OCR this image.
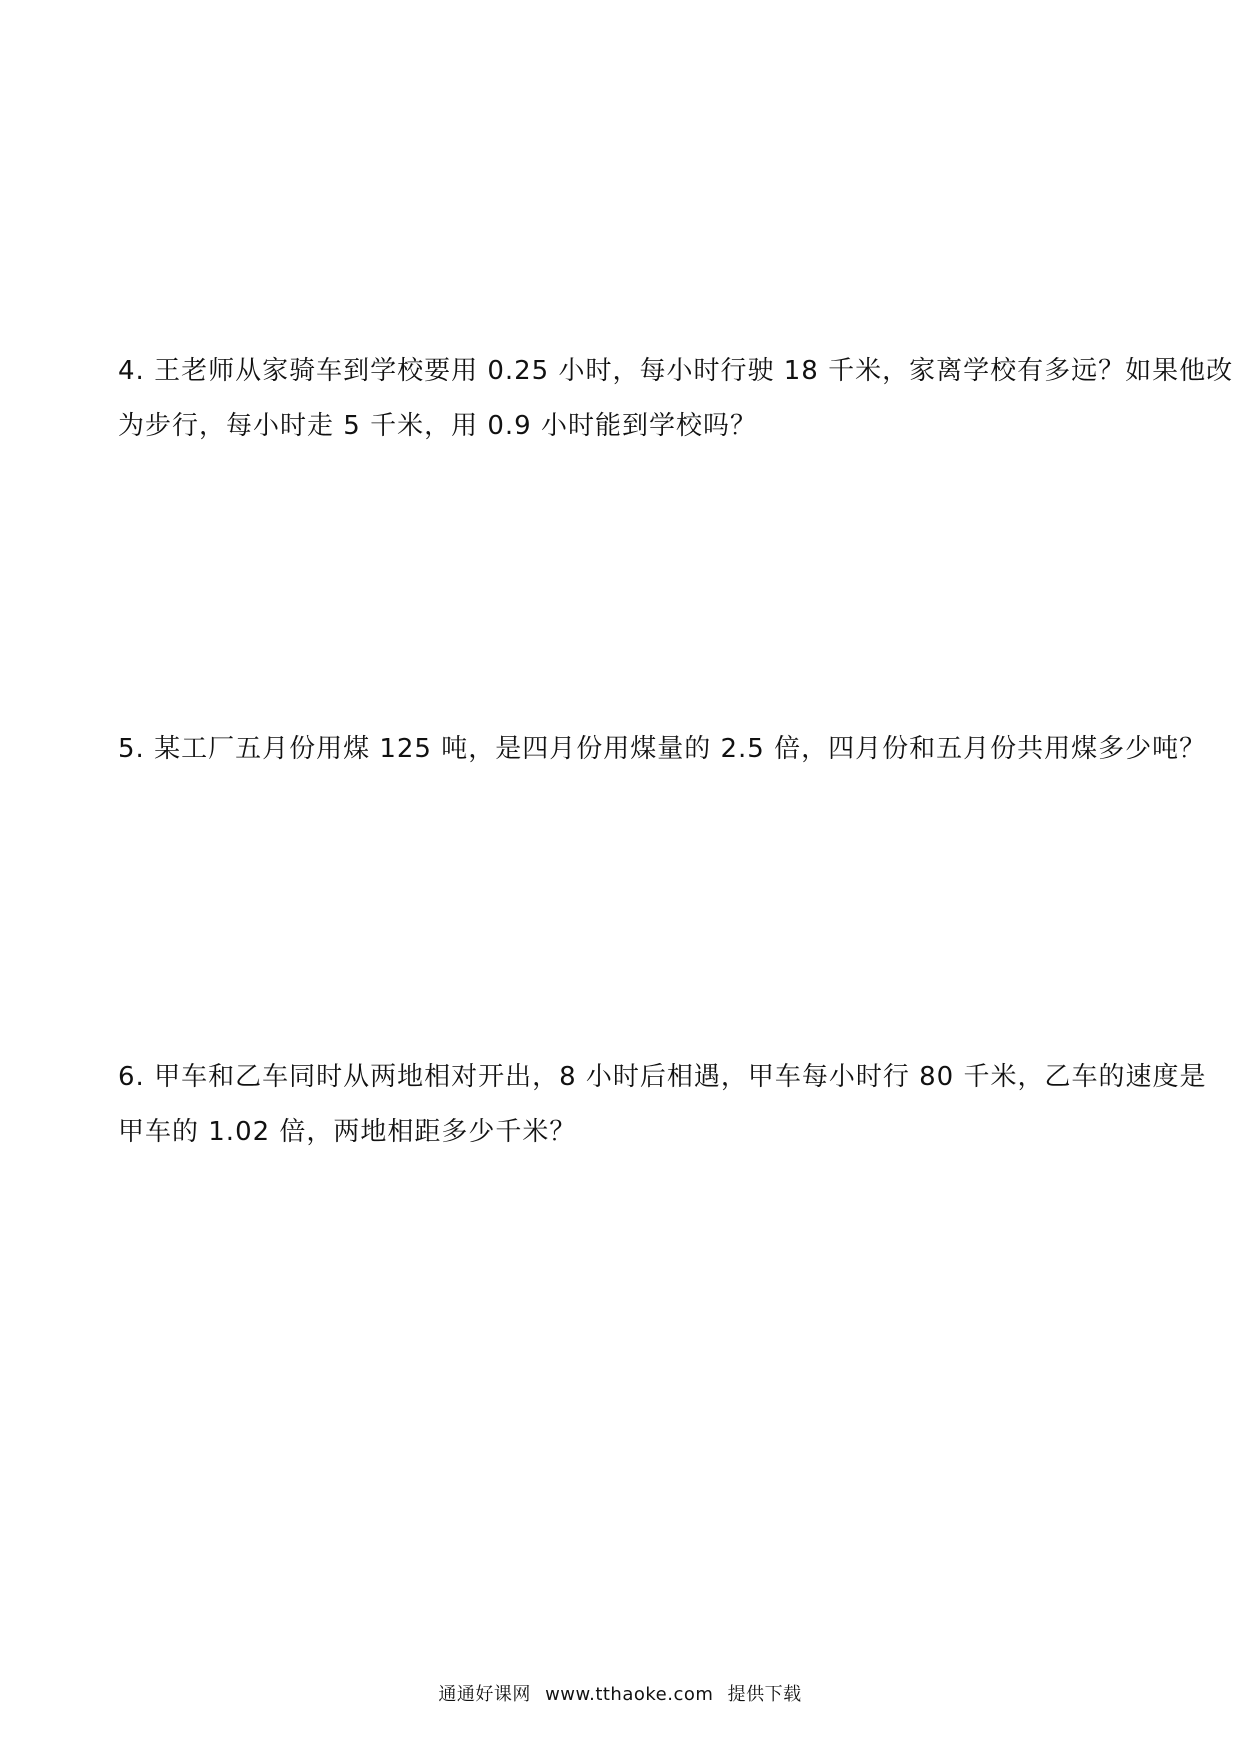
4. 王老师从家骑车到学校要用 0.25 小时，每小时行驶 18 千米，家离学校有多远？如果他改
为步行，每小时走 5 千米，用 0.9 小时能到学校吗？
5. 某工厂五月份用煤 125 吨，是四月份用煤量的 2.5 倍，四月份和五月份共用煤多少吨？
6. 甲车和乙车同时从两地相对开出，8 小时后相遇，甲车每小时行 80 千米，乙车的速度是
甲车的 1.02 倍，两地相距多少千米？
通通好课网 www.tthaoke.com 提供下载
